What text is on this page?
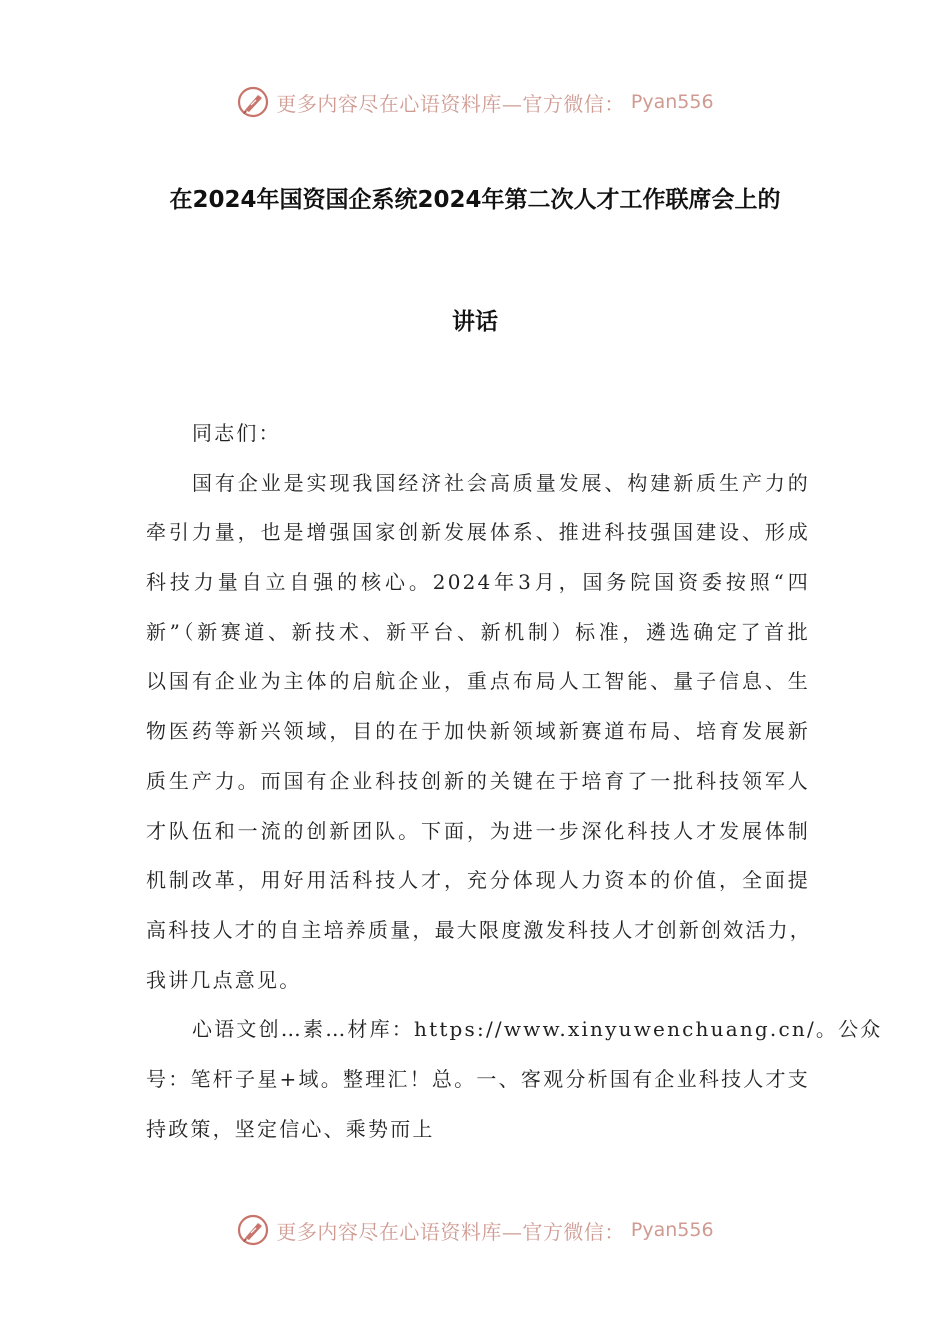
更多内容尽在心语资料库—官方微信： Pyan556
在2024年国资国企系统2024年第二次人才工作联席会上的
讲话
同志们：
国有企业是实现我国经济社会高质量发展、构建新质生产力的
牵引力量，也是增强国家创新发展体系、推进科技强国建设、形成
科技力量自立自强的核心。2024年3月，国务院国资委按照“四
新”（新赛道、新技术、新平台、新机制）标准，遴选确定了首批
以国有企业为主体的启航企业，重点布局人工智能、量子信息、生
物医药等新兴领域，目的在于加快新领域新赛道布局、培育发展新
质生产力。而国有企业科技创新的关键在于培育了一批科技领军人
才队伍和一流的创新团队。下面，为进一步深化科技人才发展体制
机制改革，用好用活科技人才，充分体现人力资本的价值，全面提
高科技人才的自主培养质量，最大限度激发科技人才创新创效活力，
我讲几点意见。
心语文创…素…材库：https://www.xinyuwenchuang.cn/。公众
号：笔杆子星+域。整理汇！总。一、客观分析国有企业科技人才支
持政策，坚定信心、乘势而上
更多内容尽在心语资料库—官方微信： Pyan556
